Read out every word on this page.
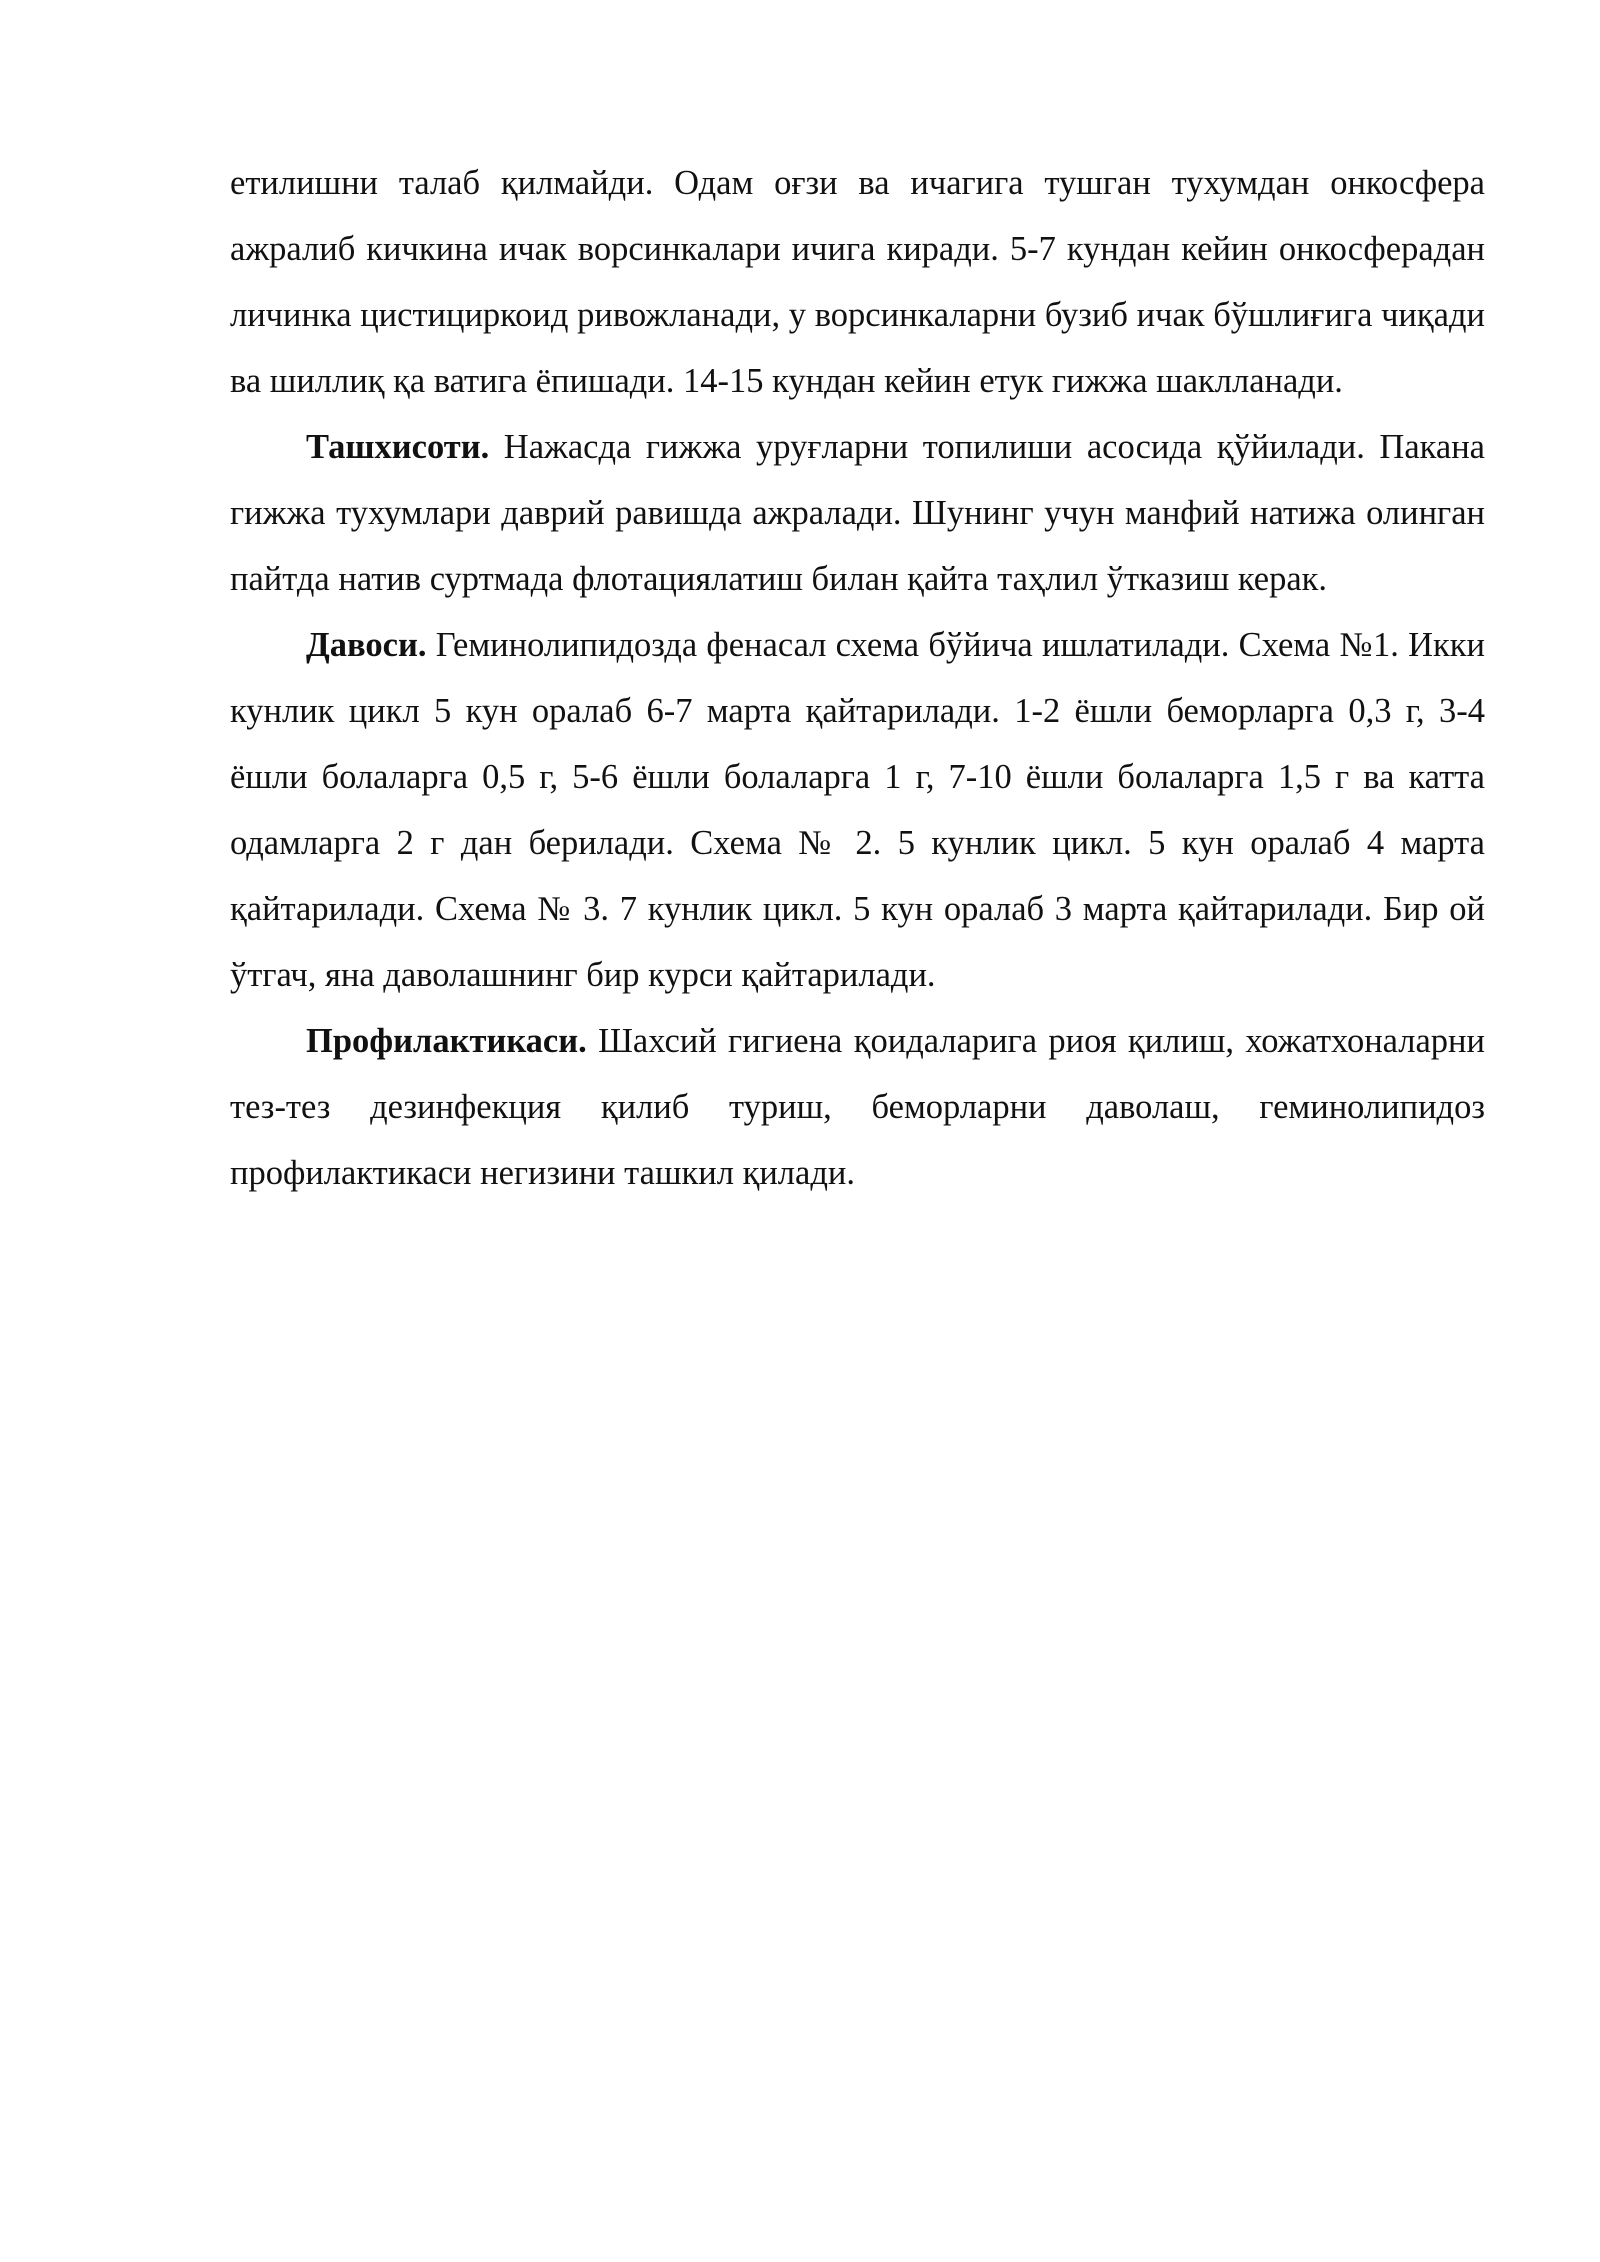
етилишни талаб қилмайди. Одам оғзи ва ичагига тушган тухумдан онкосфера ажралиб кичкина ичак ворсинкалари ичига киради. 5-7 кундан кейин онкосферадан личинка цистициркоид ривожланади, у ворсинкаларни бузиб ичак бўшлиғига чиқади ва шиллиқ қа ватига ёпишади. 14-15 кундан кейин етук гижжа шаклланади.

Ташхисоти. Нажасда гижжа уруғларни топилиши асосида қўйилади. Пакана гижжа тухумлари даврий равишда ажралади. Шунинг учун манфий натижа олинган пайтда натив суртмада флотациялатиш билан қайта таҳлил ўтказиш керак.

Давоси. Геминолипидозда фенасал схема бўйича ишлатилади. Схема №1. Икки кунлик цикл 5 кун оралаб 6-7 марта қайтарилади. 1-2 ёшли беморларга 0,3 г, 3-4 ёшли болаларга 0,5 г, 5-6 ёшли болаларга 1 г, 7-10 ёшли болаларга 1,5 г ва катта одамларга 2 г дан берилади. Схема № 2. 5 кунлик цикл. 5 кун оралаб 4 марта қайтарилади. Схема № 3. 7 кунлик цикл. 5 кун оралаб 3 марта қайтарилади. Бир ой ўтгач, яна даволашнинг бир курси қайтарилади.

Профилактикаси. Шахсий гигиена қоидаларига риоя қилиш, хожатхоналарни тез-тез дезинфекция қилиб туриш, беморларни даволаш, геминолипидоз профилактикаси негизини ташкил қилади.
